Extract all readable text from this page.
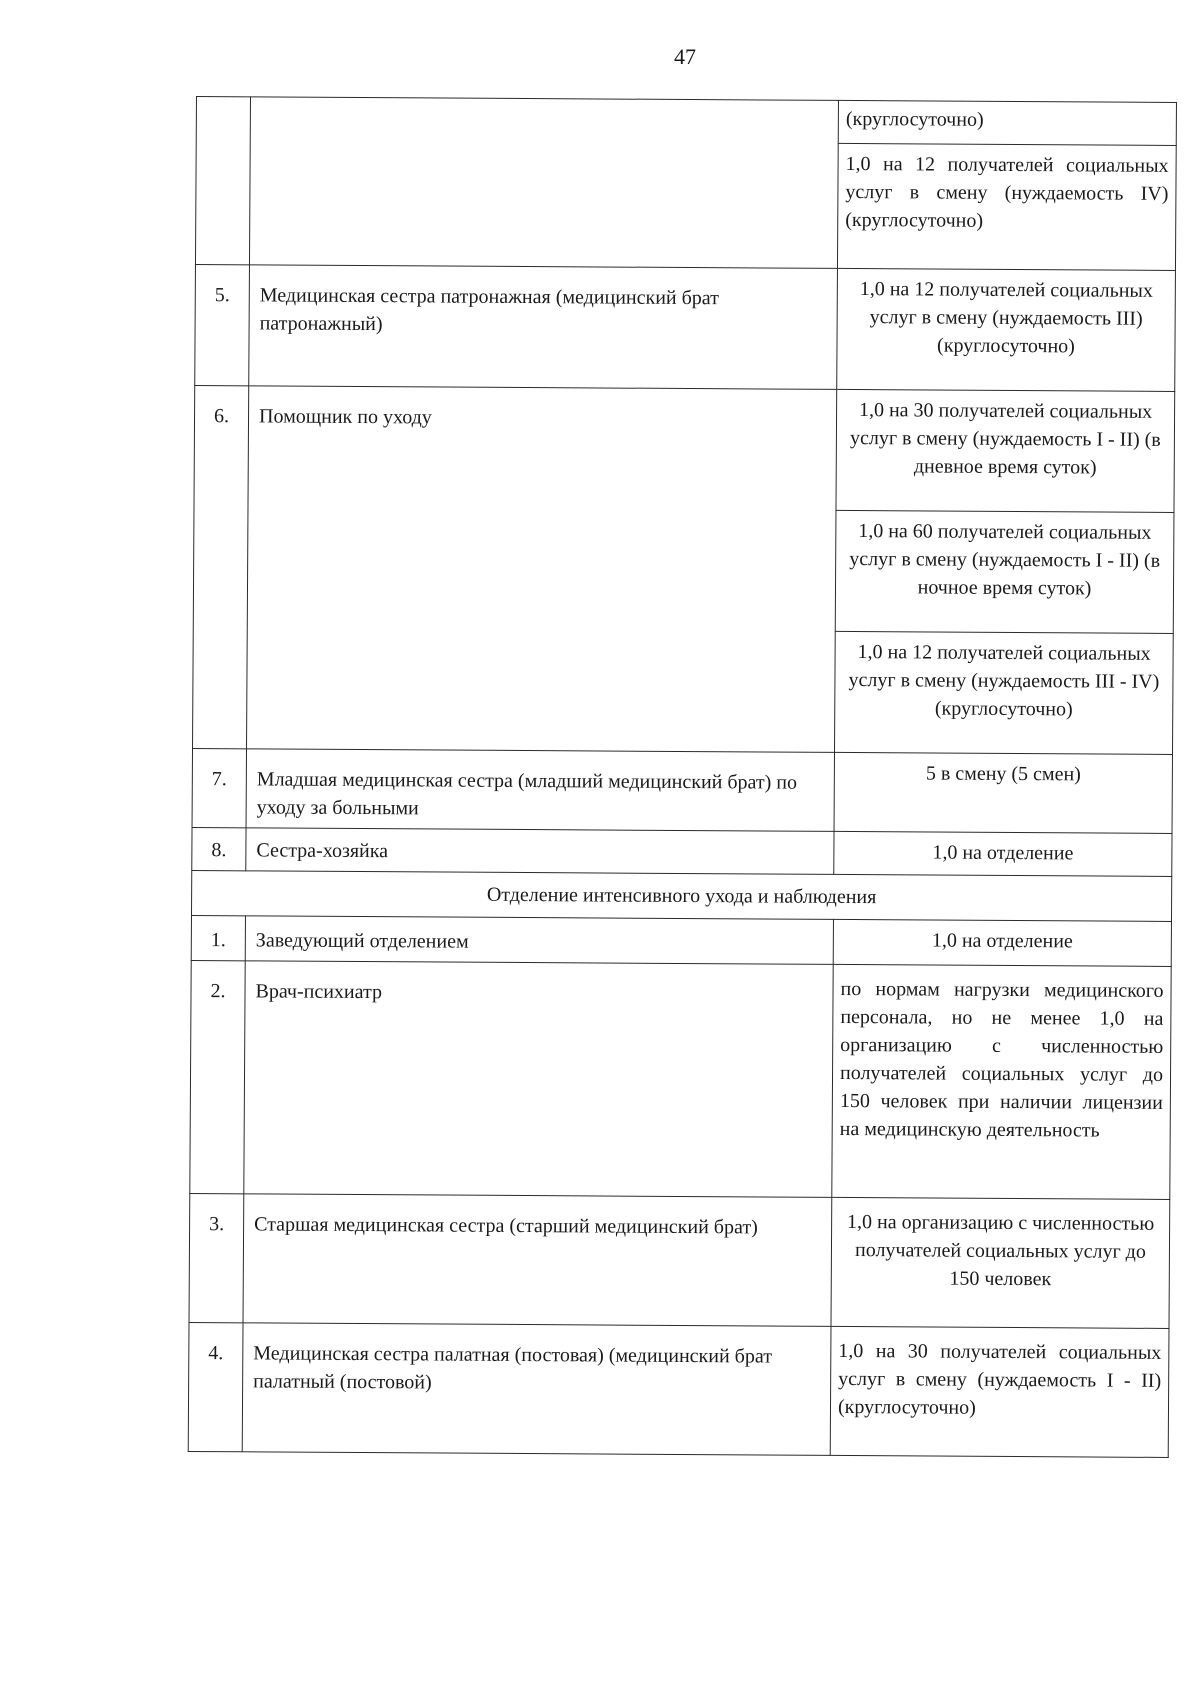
47
		(круглосуточно)
		1,0 на 12 получателей социальных услуг в смену (нуждаемость IV) (круглосуточно)
5.	Медицинская сестра патронажная (медицинский брат патронажный)	1,0 на 12 получателей социальных услуг в смену (нуждаемость III) (круглосуточно)
6.	Помощник по уходу	1,0 на 30 получателей социальных услуг в смену (нуждаемость I - II) (в дневное время суток)
		1,0 на 60 получателей социальных услуг в смену (нуждаемость I - II) (в ночное время суток)
		1,0 на 12 получателей социальных услуг в смену (нуждаемость III - IV) (круглосуточно)
7.	Младшая медицинская сестра (младший медицинский брат) по уходу за больными	5 в смену (5 смен)
8.	Сестра-хозяйка	1,0 на отделение
Отделение интенсивного ухода и наблюдения		
1.	Заведующий отделением	1,0 на отделение
2.	Врач-психиатр	по нормам нагрузки медицинского персонала, но не менее 1,0 на организацию с численностью получателей социальных услуг до 150 человек при наличии лицензии на медицинскую деятельность
3.	Старшая медицинская сестра (старший медицинский брат)	1,0 на организацию с численностью получателей социальных услуг до 150 человек
4.	Медицинская сестра палатная (постовая) (медицинский брат палатный (постовой)	1,0 на 30 получателей социальных услуг в смену (нуждаемость I - II) (круглосуточно)
